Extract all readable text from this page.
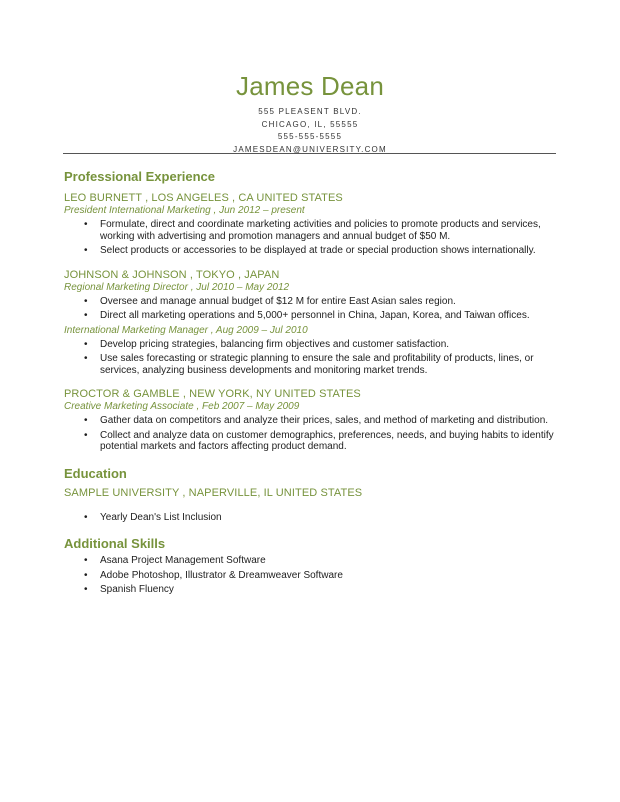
James Dean
555 PLEASENT BLVD.
CHICAGO, IL, 55555
555-555-5555
JAMESDEAN@UNIVERSITY.COM
Professional Experience
LEO BURNETT , LOS ANGELES , CA UNITED STATES
President International Marketing , Jun 2012 – present
• Formulate, direct and coordinate marketing activities and policies to promote products and services, working with advertising and promotion managers and annual budget of $50 M.
• Select products or accessories to be displayed at trade or special production shows internationally.
JOHNSON & JOHNSON , TOKYO , JAPAN
Regional Marketing Director , Jul 2010 – May 2012
• Oversee and manage annual budget of $12 M for entire East Asian sales region.
• Direct all marketing operations and 5,000+ personnel in China, Japan, Korea, and Taiwan offices.
International Marketing Manager , Aug 2009 – Jul 2010
• Develop pricing strategies, balancing firm objectives and customer satisfaction.
• Use sales forecasting or strategic planning to ensure the sale and profitability of products, lines, or services, analyzing business developments and monitoring market trends.
PROCTOR & GAMBLE , NEW YORK, NY UNITED STATES
Creative Marketing Associate , Feb 2007 – May 2009
• Gather data on competitors and analyze their prices, sales, and method of marketing and distribution.
• Collect and analyze data on customer demographics, preferences, needs, and buying habits to identify potential markets and factors affecting product demand.
Education
SAMPLE UNIVERSITY , NAPERVILLE, IL UNITED STATES
• Yearly Dean's List Inclusion
Additional Skills
• Asana Project Management Software
• Adobe Photoshop, Illustrator & Dreamweaver Software
• Spanish Fluency
